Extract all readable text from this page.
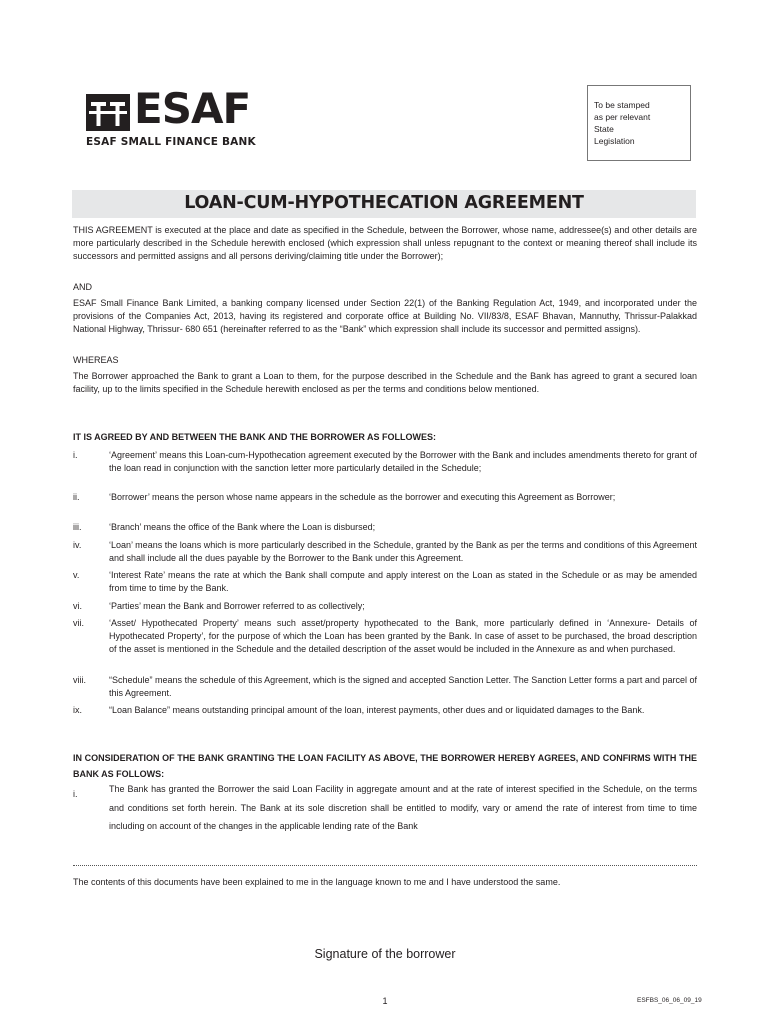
ESAF
ESAF SMALL FINANCE BANK
To be stamped
as per relevant
State
Legislation
LOAN-CUM-HYPOTHECATION AGREEMENT
THIS AGREEMENT is executed at the place and date as specified in the Schedule, between the Borrower, whose name, addressee(s) and other details are more particularly described in the Schedule herewith enclosed (which expression shall unless repugnant to the context or meaning thereof shall include its successors and permitted assigns and all persons deriving/claiming title under the Borrower);
AND
ESAF Small Finance Bank Limited, a banking company licensed under Section 22(1) of the Banking Regulation Act, 1949, and incorporated under the provisions of the Companies Act, 2013, having its registered and corporate office at Building No. VII/83/8, ESAF Bhavan, Mannuthy, Thrissur-Palakkad National Highway, Thrissur- 680 651 (hereinafter referred to as the “Bank” which expression shall include its successor and permitted assigns).
WHEREAS
The Borrower approached the Bank to grant a Loan to them, for the purpose described in the Schedule and the Bank has agreed to grant a secured loan facility, up to the limits specified in the Schedule herewith enclosed as per the terms and conditions below mentioned.
IT IS AGREED BY AND BETWEEN THE BANK AND THE BORROWER AS FOLLOWES:
i.	‘Agreement’ means this Loan-cum-Hypothecation agreement executed by the Borrower with the Bank and includes amendments thereto for grant of the loan read in conjunction with the sanction letter more particularly detailed in the Schedule;
ii.	‘Borrower’ means the person whose name appears in the schedule as the borrower and executing this Agreement as Borrower;
iii.	‘Branch’ means the office of the Bank where the Loan is disbursed;
iv.	‘Loan’ means the loans which is more particularly described in the Schedule, granted by the Bank as per the terms and conditions of this Agreement and shall include all the dues payable by the Borrower to the Bank under this Agreement.
v.	‘Interest Rate’ means the rate at which the Bank shall compute and apply interest on the Loan as stated in the Schedule or as may be amended from time to time by the Bank.
vi.	‘Parties’ mean the Bank and Borrower referred to as collectively;
vii.	‘Asset/ Hypothecated Property’ means such asset/property hypothecated to the Bank, more particularly defined in ‘Annexure- Details of Hypothecated Property’, for the purpose of which the Loan has been granted by the Bank. In case of asset to be purchased, the broad description of the asset is mentioned in the Schedule and the detailed description of the asset would be included in the Annexure as and when purchased.
viii.	“Schedule” means the schedule of this Agreement, which is the signed and accepted Sanction Letter. The Sanction Letter forms a part and parcel of this Agreement.
ix.	“Loan Balance” means outstanding principal amount of the loan, interest payments, other dues and or liquidated damages to the Bank.
IN CONSIDERATION OF THE BANK GRANTING THE LOAN FACILITY AS ABOVE, THE BORROWER HEREBY AGREES, AND CONFIRMS WITH THE BANK AS FOLLOWS:
i.	The Bank has granted the Borrower the said Loan Facility in aggregate amount and at the rate of interest specified in the Schedule, on the terms and conditions set forth herein. The Bank at its sole discretion shall be entitled to modify, vary or amend the rate of interest from time to time including on account of the changes in the applicable lending rate of the Bank
The contents of this documents have been explained to me in the language known to me and I have understood the same.
Signature of the borrower
1	ESFBS_06_06_09_19
